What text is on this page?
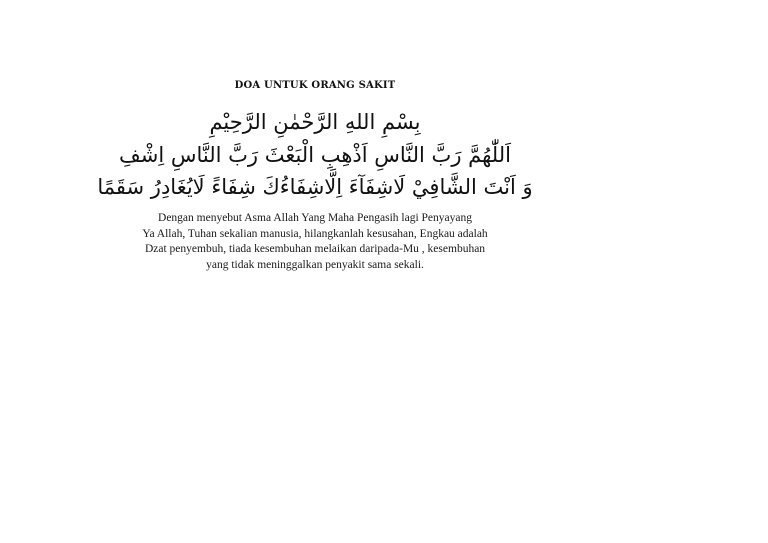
DOA UNTUK ORANG SAKIT
بِسْمِ اللهِ الرَّحْمٰنِ الرَّحِيْمِ
اَللّٰهُمَّ رَبَّ النَّاسِ اَذْهِبِ الْبَعْثَ رَبَّ النَّاسِ اِشْفِ
وَ اَنْتَ الشَّافِيْ لَاشِفَآءَ اِلَّاشِفَاءُكَ شِفَاءً لَايُغَادِرُ سَقَمًا
Dengan menyebut Asma Allah Yang Maha Pengasih lagi Penyayang
Ya Allah, Tuhan sekalian manusia, hilangkanlah kesusahan, Engkau adalah
Dzat penyembuh, tiada kesembuhan melaikan daripada-Mu , kesembuhan
yang tidak meninggalkan penyakit sama sekali.
